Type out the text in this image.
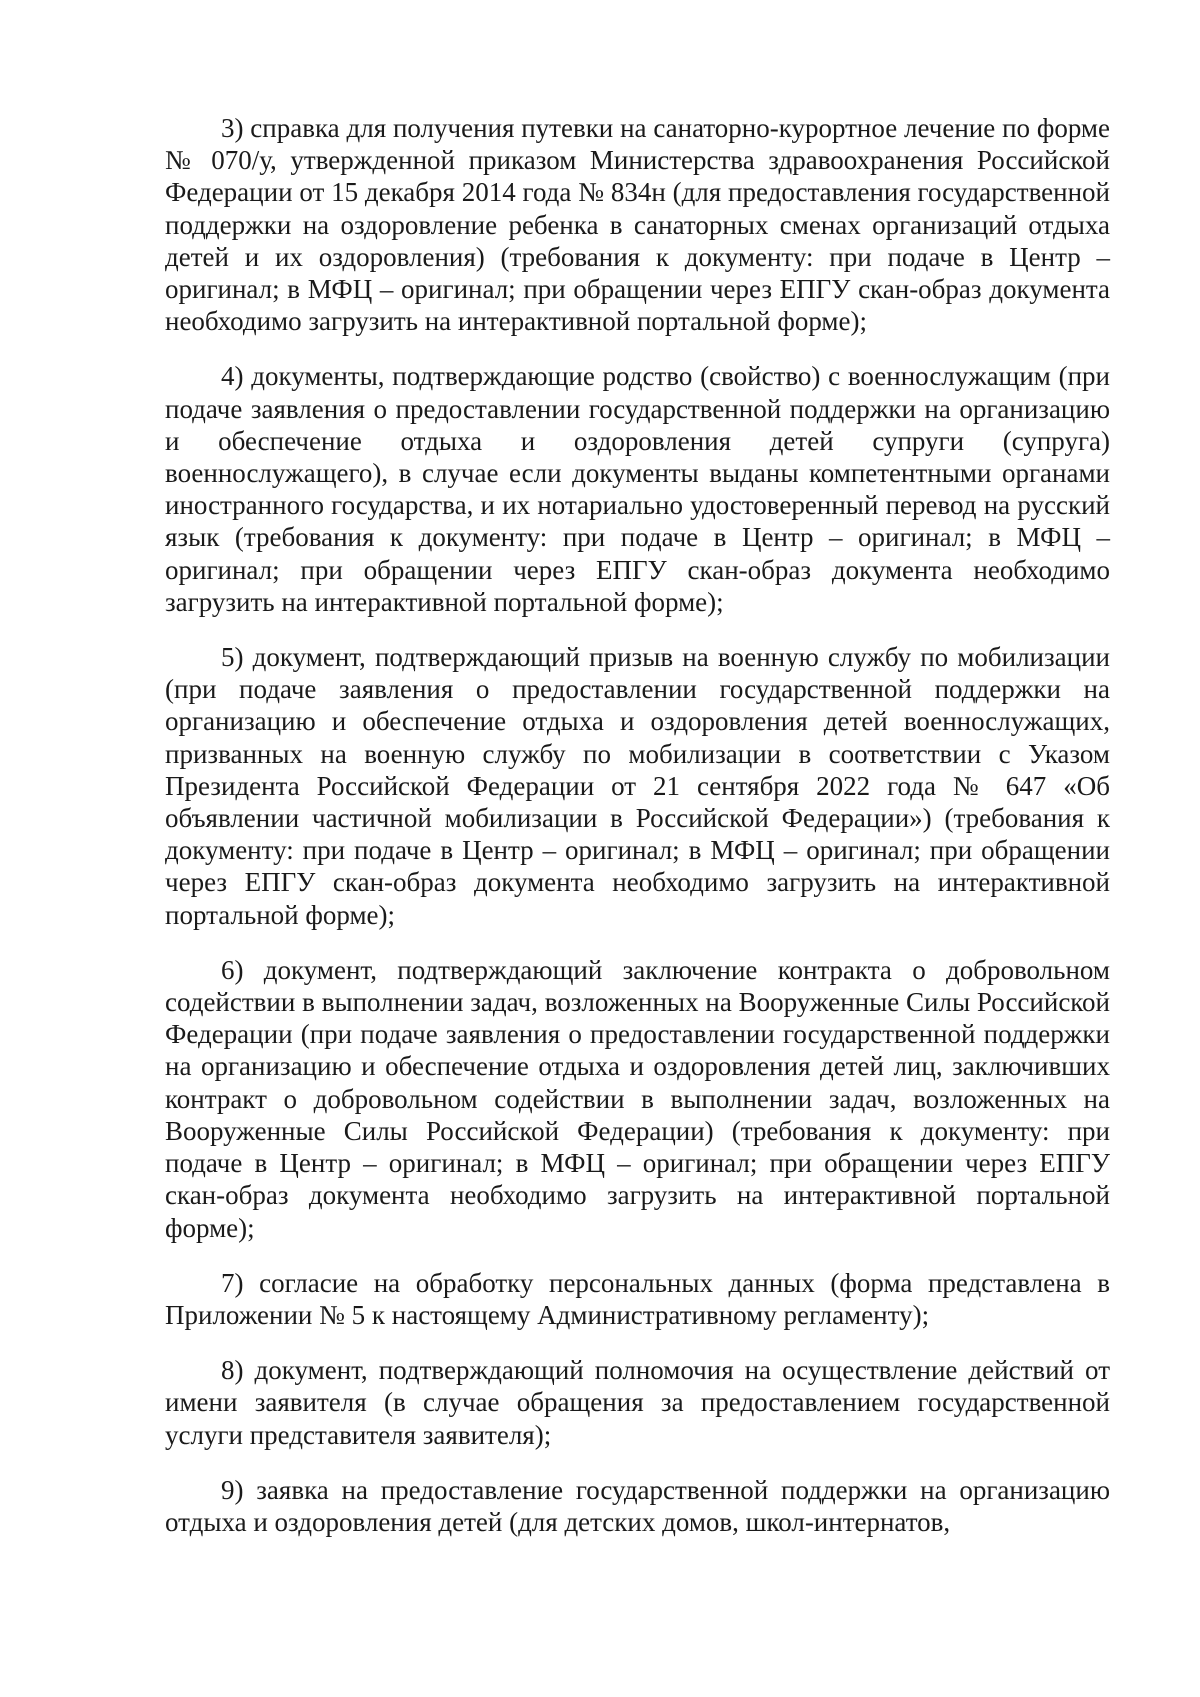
3) справка для получения путевки на санаторно-курортное лечение по форме № 070/у, утвержденной приказом Министерства здравоохранения Российской Федерации от 15 декабря 2014 года № 834н (для предоставления государственной поддержки на оздоровление ребенка в санаторных сменах организаций отдыха детей и их оздоровления) (требования к документу: при подаче в Центр – оригинал; в МФЦ – оригинал; при обращении через ЕПГУ скан-образ документа необходимо загрузить на интерактивной портальной форме);

4) документы, подтверждающие родство (свойство) с военнослужащим (при подаче заявления о предоставлении государственной поддержки на организацию и обеспечение отдыха и оздоровления детей супруги (супруга) военнослужащего), в случае если документы выданы компетентными органами иностранного государства, и их нотариально удостоверенный перевод на русский язык (требования к документу: при подаче в Центр – оригинал; в МФЦ – оригинал; при обращении через ЕПГУ скан-образ документа необходимо загрузить на интерактивной портальной форме);

5) документ, подтверждающий призыв на военную службу по мобилизации (при подаче заявления о предоставлении государственной поддержки на организацию и обеспечение отдыха и оздоровления детей военнослужащих, призванных на военную службу по мобилизации в соответствии с Указом Президента Российской Федерации от 21 сентября 2022 года № 647 «Об объявлении частичной мобилизации в Российской Федерации») (требования к документу: при подаче в Центр – оригинал; в МФЦ – оригинал; при обращении через ЕПГУ скан-образ документа необходимо загрузить на интерактивной портальной форме);

6) документ, подтверждающий заключение контракта о добровольном содействии в выполнении задач, возложенных на Вооруженные Силы Российской Федерации (при подаче заявления о предоставлении государственной поддержки на организацию и обеспечение отдыха и оздоровления детей лиц, заключивших контракт о добровольном содействии в выполнении задач, возложенных на Вооруженные Силы Российской Федерации) (требования к документу: при подаче в Центр – оригинал; в МФЦ – оригинал; при обращении через ЕПГУ скан-образ документа необходимо загрузить на интерактивной портальной форме);

7) согласие на обработку персональных данных (форма представлена в Приложении № 5 к настоящему Административному регламенту);

8) документ, подтверждающий полномочия на осуществление действий от имени заявителя (в случае обращения за предоставлением государственной услуги представителя заявителя);

9) заявка на предоставление государственной поддержки на организацию отдыха и оздоровления детей (для детских домов, школ-интернатов,
